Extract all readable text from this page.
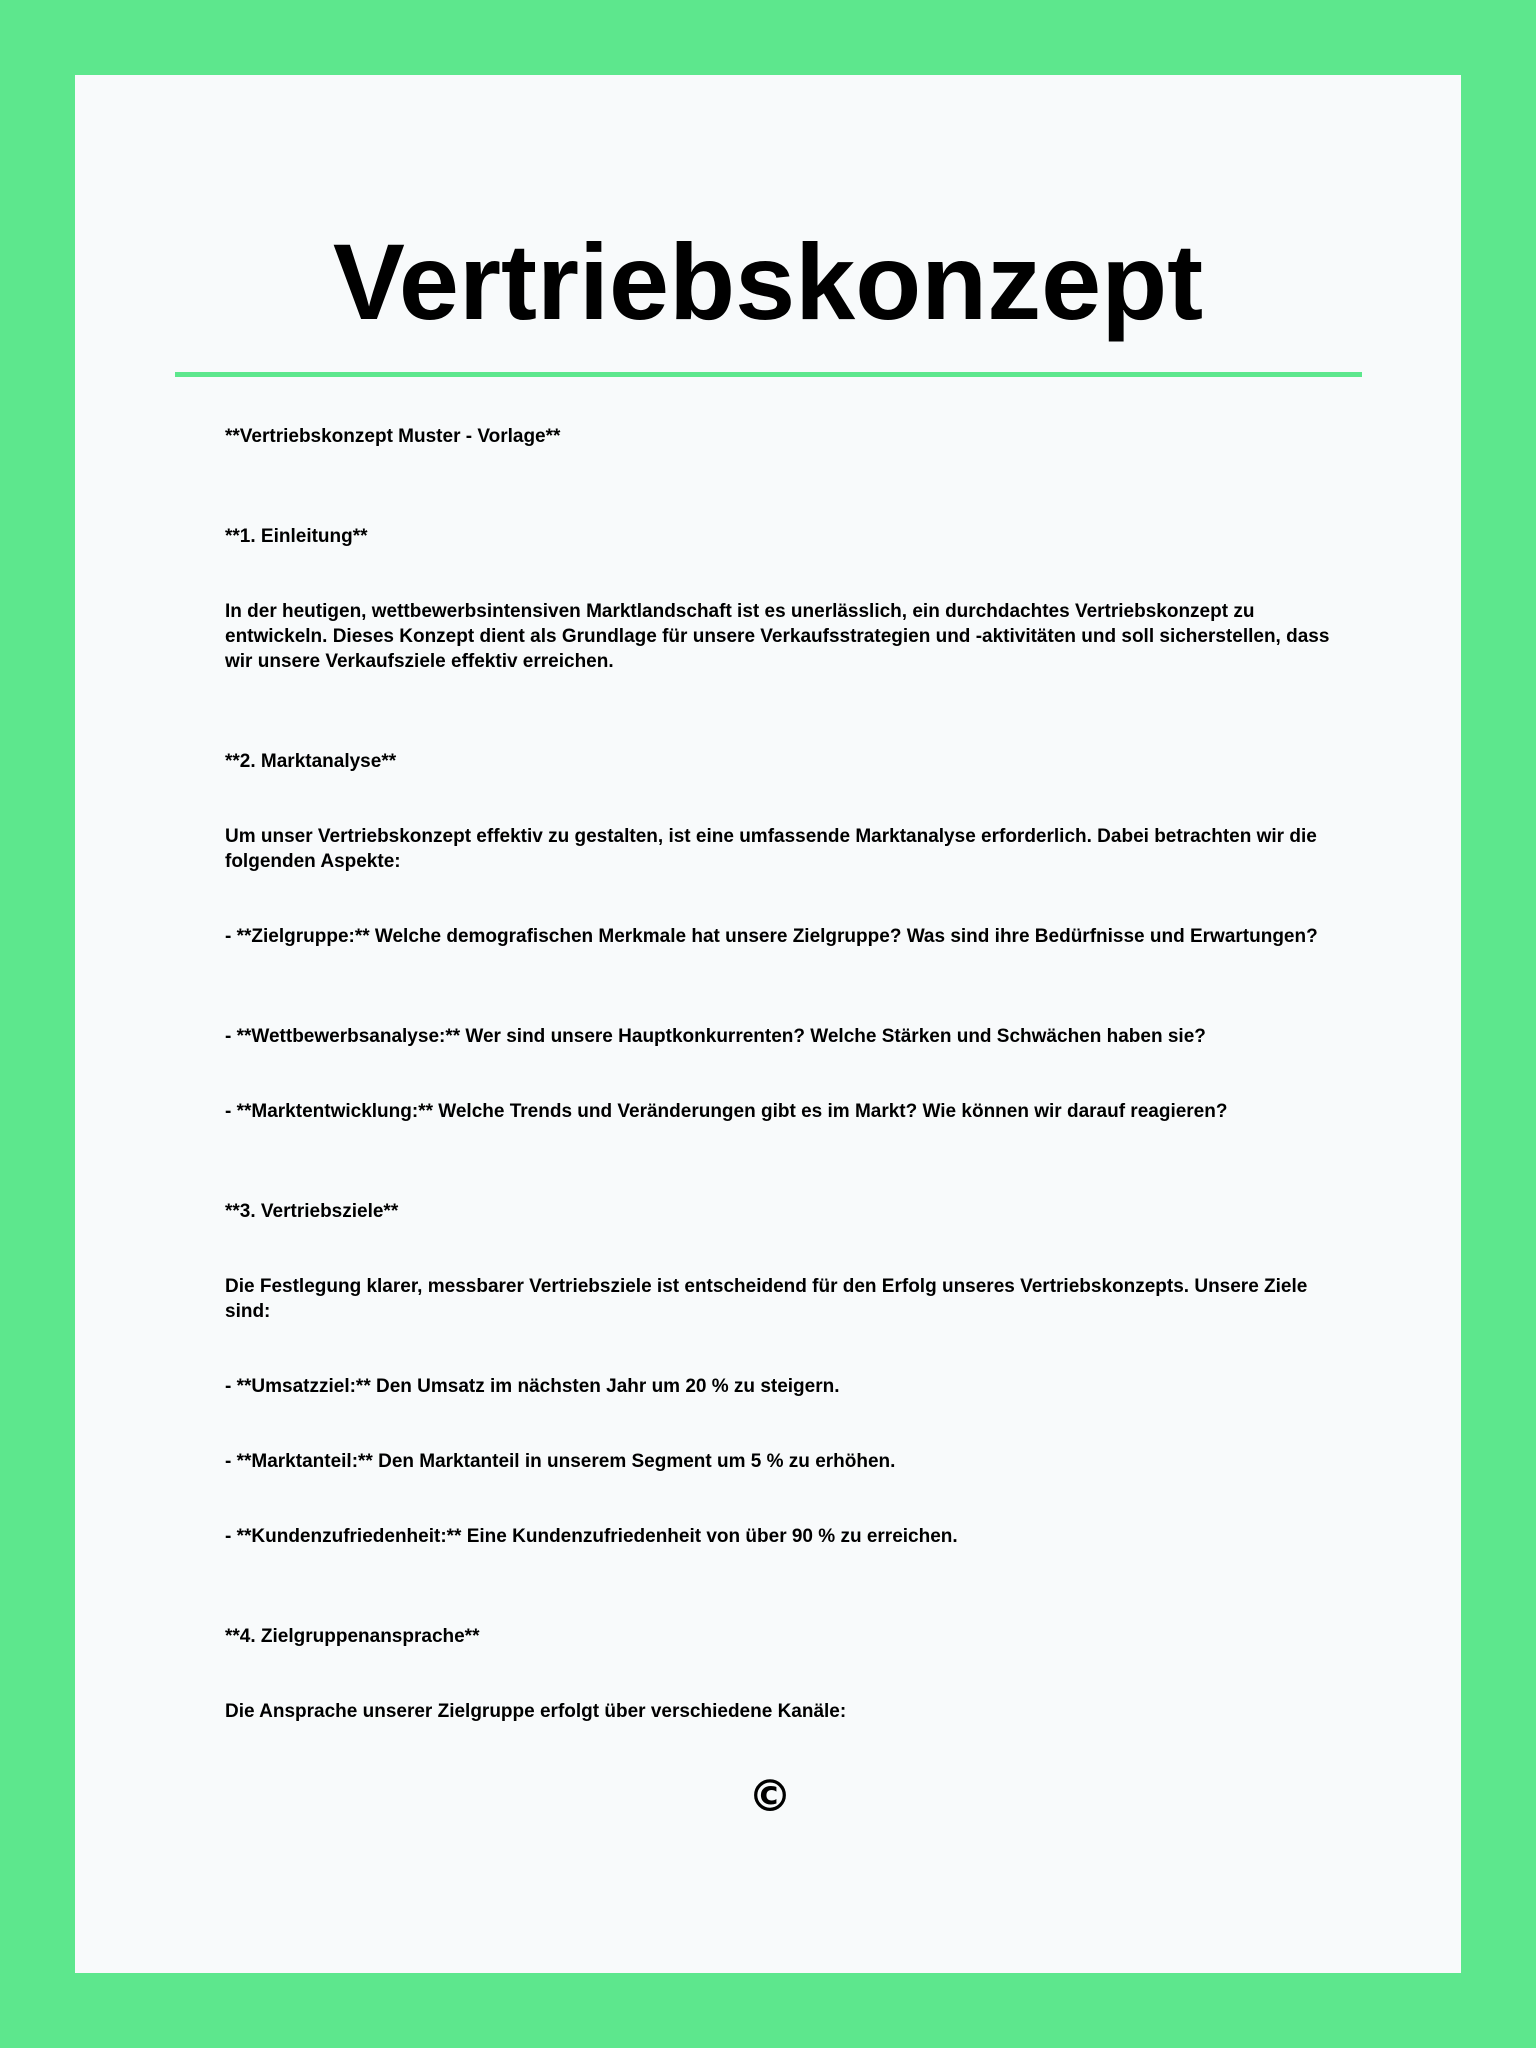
Vertriebskonzept

**Vertriebskonzept Muster - Vorlage**

**1. Einleitung**

In der heutigen, wettbewerbsintensiven Marktlandschaft ist es unerlässlich, ein durchdachtes Vertriebskonzept zu entwickeln. Dieses Konzept dient als Grundlage für unsere Verkaufsstrategien und -aktivitäten und soll sicherstellen, dass wir unsere Verkaufsziele effektiv erreichen.

**2. Marktanalyse**

Um unser Vertriebskonzept effektiv zu gestalten, ist eine umfassende Marktanalyse erforderlich. Dabei betrachten wir die folgenden Aspekte:

- **Zielgruppe:** Welche demografischen Merkmale hat unsere Zielgruppe? Was sind ihre Bedürfnisse und Erwartungen?

- **Wettbewerbsanalyse:** Wer sind unsere Hauptkonkurrenten? Welche Stärken und Schwächen haben sie?

- **Marktentwicklung:** Welche Trends und Veränderungen gibt es im Markt? Wie können wir darauf reagieren?

**3. Vertriebsziele**

Die Festlegung klarer, messbarer Vertriebsziele ist entscheidend für den Erfolg unseres Vertriebskonzepts. Unsere Ziele sind:

- **Umsatzziel:** Den Umsatz im nächsten Jahr um 20 % zu steigern.

- **Marktanteil:** Den Marktanteil in unserem Segment um 5 % zu erhöhen.

- **Kundenzufriedenheit:** Eine Kundenzufriedenheit von über 90 % zu erreichen.

**4. Zielgruppenansprache**

Die Ansprache unserer Zielgruppe erfolgt über verschiedene Kanäle:

©
